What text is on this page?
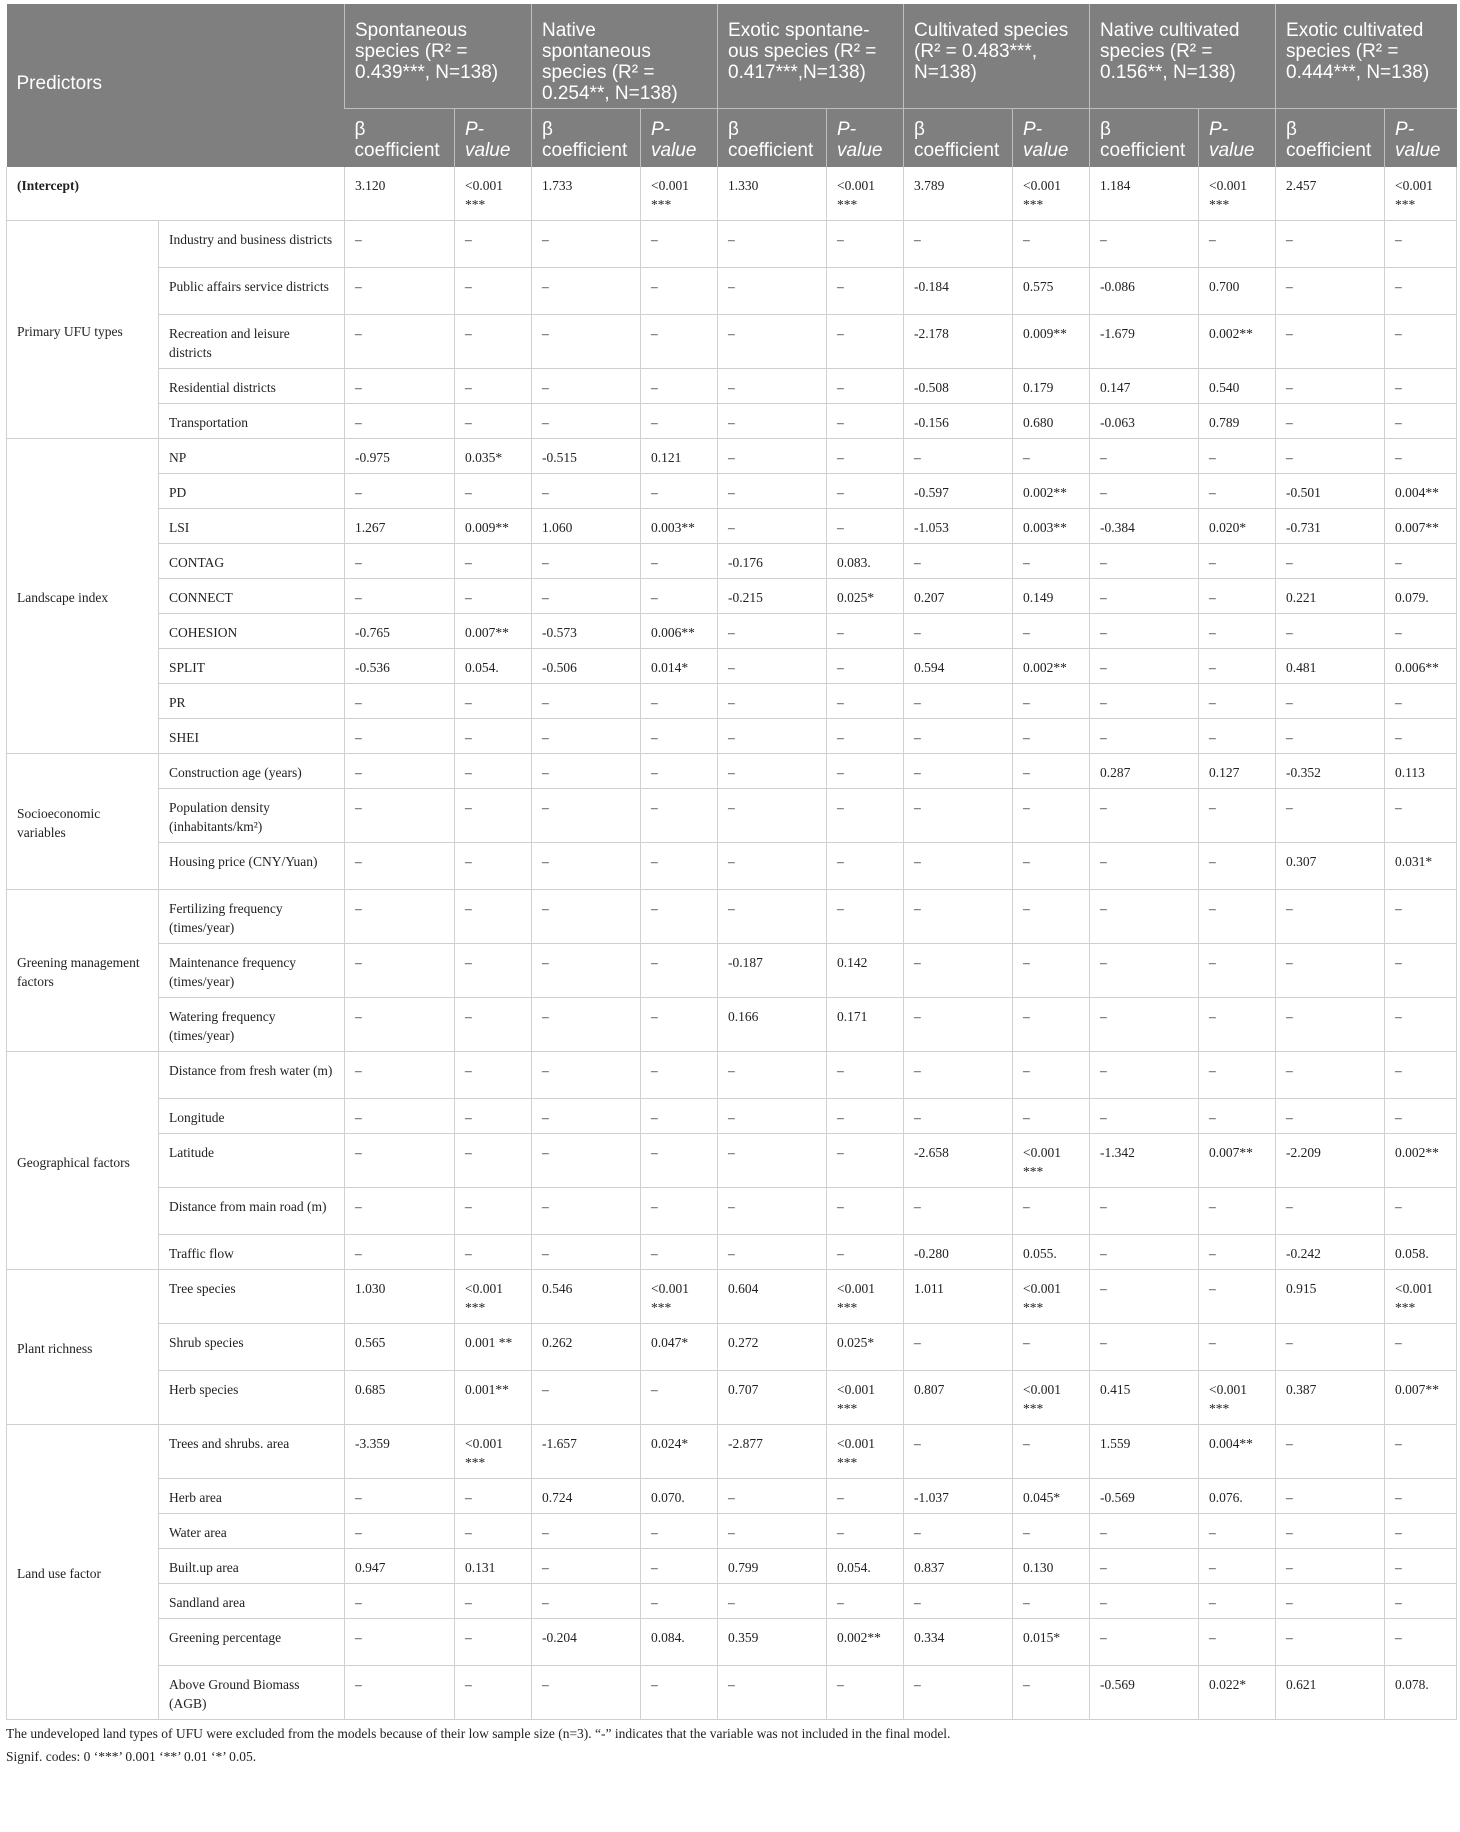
Predictors		Spontaneous species (R² = 0.439***, N=138)		Native spontaneous species (R² = 0.254**, N=138)		Exotic spontane-ous species (R² = 0.417***,N=138)		Cultivated species (R² = 0.483***, N=138)		Native cultivated species (R² = 0.156**, N=138)		Exotic cultivated species (R² = 0.444***, N=138)	
		β coefficient	P-value	β coefficient	P-value	β coefficient	P-value	β coefficient	P-value	β coefficient	P-value	β coefficient	P-value
(Intercept)		3.120	<0.001 ***	1.733	<0.001 ***	1.330	<0.001 ***	3.789	<0.001 ***	1.184	<0.001 ***	2.457	<0.001 ***
Primary UFU types	Industry and business districts	–	–	–	–	–	–	–	–	–	–	–	–
	Public affairs service districts	–	–	–	–	–	–	-0.184	0.575	-0.086	0.700	–	–
	Recreation and leisure districts	–	–	–	–	–	–	-2.178	0.009**	-1.679	0.002**	–	–
	Residential districts	–	–	–	–	–	–	-0.508	0.179	0.147	0.540	–	–
	Transportation	–	–	–	–	–	–	-0.156	0.680	-0.063	0.789	–	–
Landscape index	NP	-0.975	0.035*	-0.515	0.121	–	–	–	–	–	–	–	–
	PD	–	–	–	–	–	–	-0.597	0.002**	–	–	-0.501	0.004**
	LSI	1.267	0.009**	1.060	0.003**	–	–	-1.053	0.003**	-0.384	0.020*	-0.731	0.007**
	CONTAG	–	–	–	–	-0.176	0.083.	–	–	–	–	–	–
	CONNECT	–	–	–	–	-0.215	0.025*	0.207	0.149	–	–	0.221	0.079.
	COHESION	-0.765	0.007**	-0.573	0.006**	–	–	–	–	–	–	–	–
	SPLIT	-0.536	0.054.	-0.506	0.014*	–	–	0.594	0.002**	–	–	0.481	0.006**
	PR	–	–	–	–	–	–	–	–	–	–	–	–
	SHEI	–	–	–	–	–	–	–	–	–	–	–	–
Socioeconomic variables	Construction age (years)	–	–	–	–	–	–	–	–	0.287	0.127	-0.352	0.113
	Population density (inhabitants/km²)	–	–	–	–	–	–	–	–	–	–	–	–
	Housing price (CNY/Yuan)	–	–	–	–	–	–	–	–	–	–	0.307	0.031*
Greening management factors	Fertilizing frequency (times/year)	–	–	–	–	–	–	–	–	–	–	–	–
	Maintenance frequency (times/year)	–	–	–	–	-0.187	0.142	–	–	–	–	–	–
	Watering frequency (times/year)	–	–	–	–	0.166	0.171	–	–	–	–	–	–
Geographical factors	Distance from fresh water (m)	–	–	–	–	–	–	–	–	–	–	–	–
	Longitude	–	–	–	–	–	–	–	–	–	–	–	–
	Latitude	–	–	–	–	–	–	-2.658	<0.001 ***	-1.342	0.007**	-2.209	0.002**
	Distance from main road (m)	–	–	–	–	–	–	–	–	–	–	–	–
	Traffic flow	–	–	–	–	–	–	-0.280	0.055.	–	–	-0.242	0.058.
Plant richness	Tree species	1.030	<0.001 ***	0.546	<0.001 ***	0.604	<0.001 ***	1.011	<0.001 ***	–	–	0.915	<0.001 ***
	Shrub species	0.565	0.001 **	0.262	0.047*	0.272	0.025*	–	–	–	–	–	–
	Herb species	0.685	0.001**	–	–	0.707	<0.001 ***	0.807	<0.001 ***	0.415	<0.001 ***	0.387	0.007**
Land use factor	Trees and shrubs. area	-3.359	<0.001 ***	-1.657	0.024*	-2.877	<0.001 ***	–	–	1.559	0.004**	–	–
	Herb area	–	–	0.724	0.070.	–	–	-1.037	0.045*	-0.569	0.076.	–	–
	Water area	–	–	–	–	–	–	–	–	–	–	–	–
	Built.up area	0.947	0.131	–	–	0.799	0.054.	0.837	0.130	–	–	–	–
	Sandland area	–	–	–	–	–	–	–	–	–	–	–	–
	Greening percentage	–	–	-0.204	0.084.	0.359	0.002**	0.334	0.015*	–	–	–	–
	Above Ground Biomass (AGB)	–	–	–	–	–	–	–	–	-0.569	0.022*	0.621	0.078.
The undeveloped land types of UFU were excluded from the models because of their low sample size (n=3). “-” indicates that the variable was not included in the final model.
Signif. codes: 0 ‘***’ 0.001 ‘**’ 0.01 ‘*’ 0.05.
